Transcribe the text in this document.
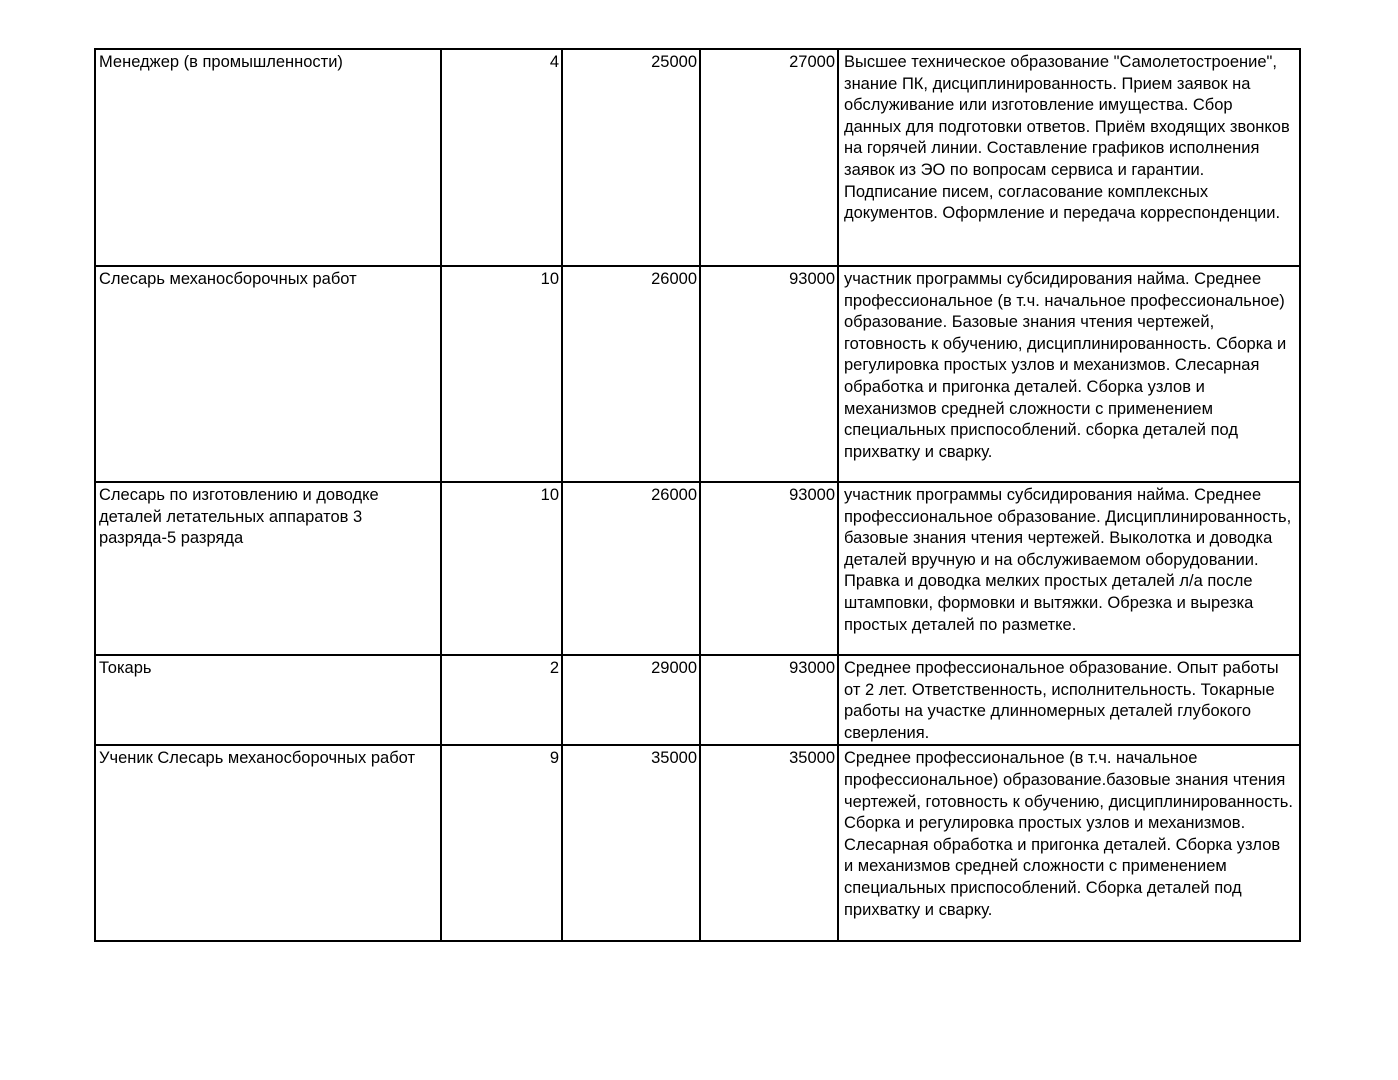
Менеджер (в промышленности)	4	25000	27000	Высшее техническое образование "Самолетостроение", знание ПК, дисциплинированность. Прием заявок на обслуживание или изготовление имущества. Сбор данных для подготовки ответов. Приём входящих звонков на горячей линии. Составление графиков исполнения заявок из ЭО по вопросам сервиса и гарантии. Подписание писем, согласование комплексных документов. Оформление и передача корреспонденции.
Слесарь механосборочных работ	10	26000	93000	участник программы субсидирования найма. Среднее профессиональное (в т.ч. начальное профессиональное) образование. Базовые знания чтения чертежей, готовность к обучению, дисциплинированность. Сборка и регулировка простых узлов и механизмов. Слесарная обработка и пригонка деталей. Сборка узлов и механизмов средней сложности с применением специальных приспособлений. сборка деталей под прихватку и сварку.
Слесарь по изготовлению и доводке деталей летательных аппаратов 3 разряда-5 разряда	10	26000	93000	участник программы субсидирования найма. Среднее профессиональное образование. Дисциплинированность, базовые знания чтения чертежей. Выколотка и доводка деталей вручную и на обслуживаемом оборудовании. Правка и доводка мелких простых деталей л/а после штамповки, формовки и вытяжки. Обрезка и вырезка простых деталей по разметке.
Токарь	2	29000	93000	Среднее профессиональное образование. Опыт работы от 2 лет. Ответственность, исполнительность. Токарные работы на участке длинномерных деталей глубокого сверления.
Ученик Слесарь механосборочных работ	9	35000	35000	Среднее профессиональное (в т.ч. начальное профессиональное) образование.базовые знания чтения чертежей, готовность к обучению, дисциплинированность. Сборка и регулировка простых узлов и механизмов. Слесарная обработка и пригонка деталей. Сборка узлов и механизмов средней сложности с применением специальных приспособлений. Сборка деталей под прихватку и сварку.
